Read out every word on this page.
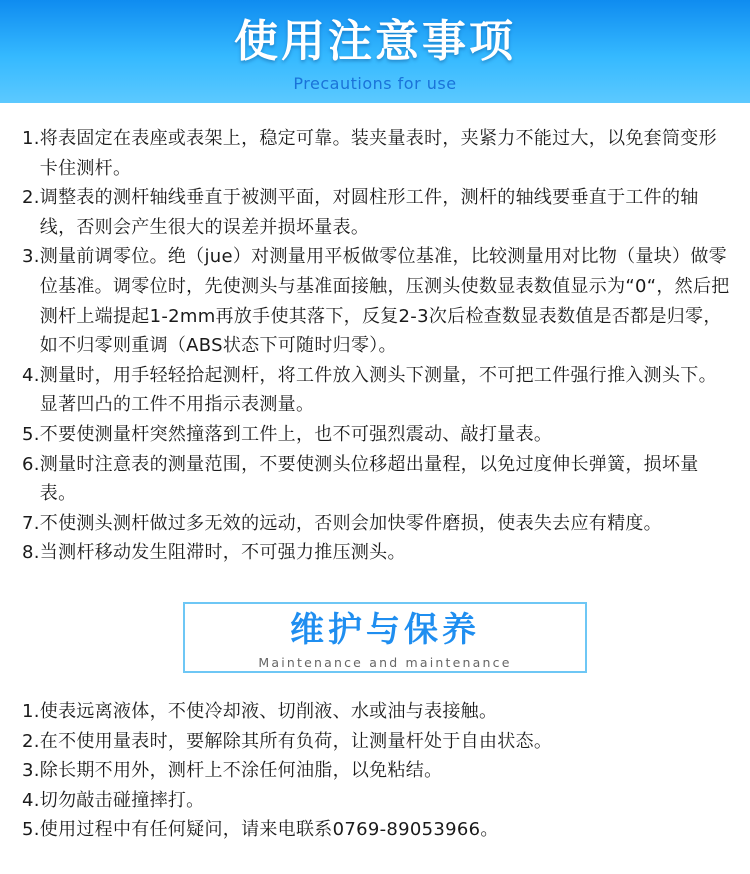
使用注意事项
Precautions for use
1. 将表固定在表座或表架上，稳定可靠。装夹量表时，夹紧力不能过大，以免套筒变形卡住测杆。
2. 调整表的测杆轴线垂直于被测平面，对圆柱形工件，测杆的轴线要垂直于工件的轴线，否则会产生很大的误差并损坏量表。
3. 测量前调零位。绝（jue）对测量用平板做零位基准，比较测量用对比物（量块）做零位基准。调零位时，先使测头与基准面接触，压测头使数显表数值显示为“0“，然后把测杆上端提起1-2mm再放手使其落下，反复2-3次后检查数显表数值是否都是归零，如不归零则重调（ABS状态下可随时归零）。
4. 测量时，用手轻轻拾起测杆，将工件放入测头下测量，不可把工件强行推入测头下。显著凹凸的工件不用指示表测量。
5. 不要使测量杆突然撞落到工件上，也不可强烈震动、敲打量表。
6. 测量时注意表的测量范围，不要使测头位移超出量程，以免过度伸长弹簧，损坏量表。
7. 不使测头测杆做过多无效的远动，否则会加快零件磨损，使表失去应有精度。
8. 当测杆移动发生阻滞时，不可强力推压测头。
维护与保养
Maintenance and maintenance
1. 使表远离液体，不使冷却液、切削液、水或油与表接触。
2. 在不使用量表时，要解除其所有负荷，让测量杆处于自由状态。
3. 除长期不用外，测杆上不涂任何油脂，以免粘结。
4. 切勿敲击碰撞摔打。
5. 使用过程中有任何疑问，请来电联系0769-89053966。
